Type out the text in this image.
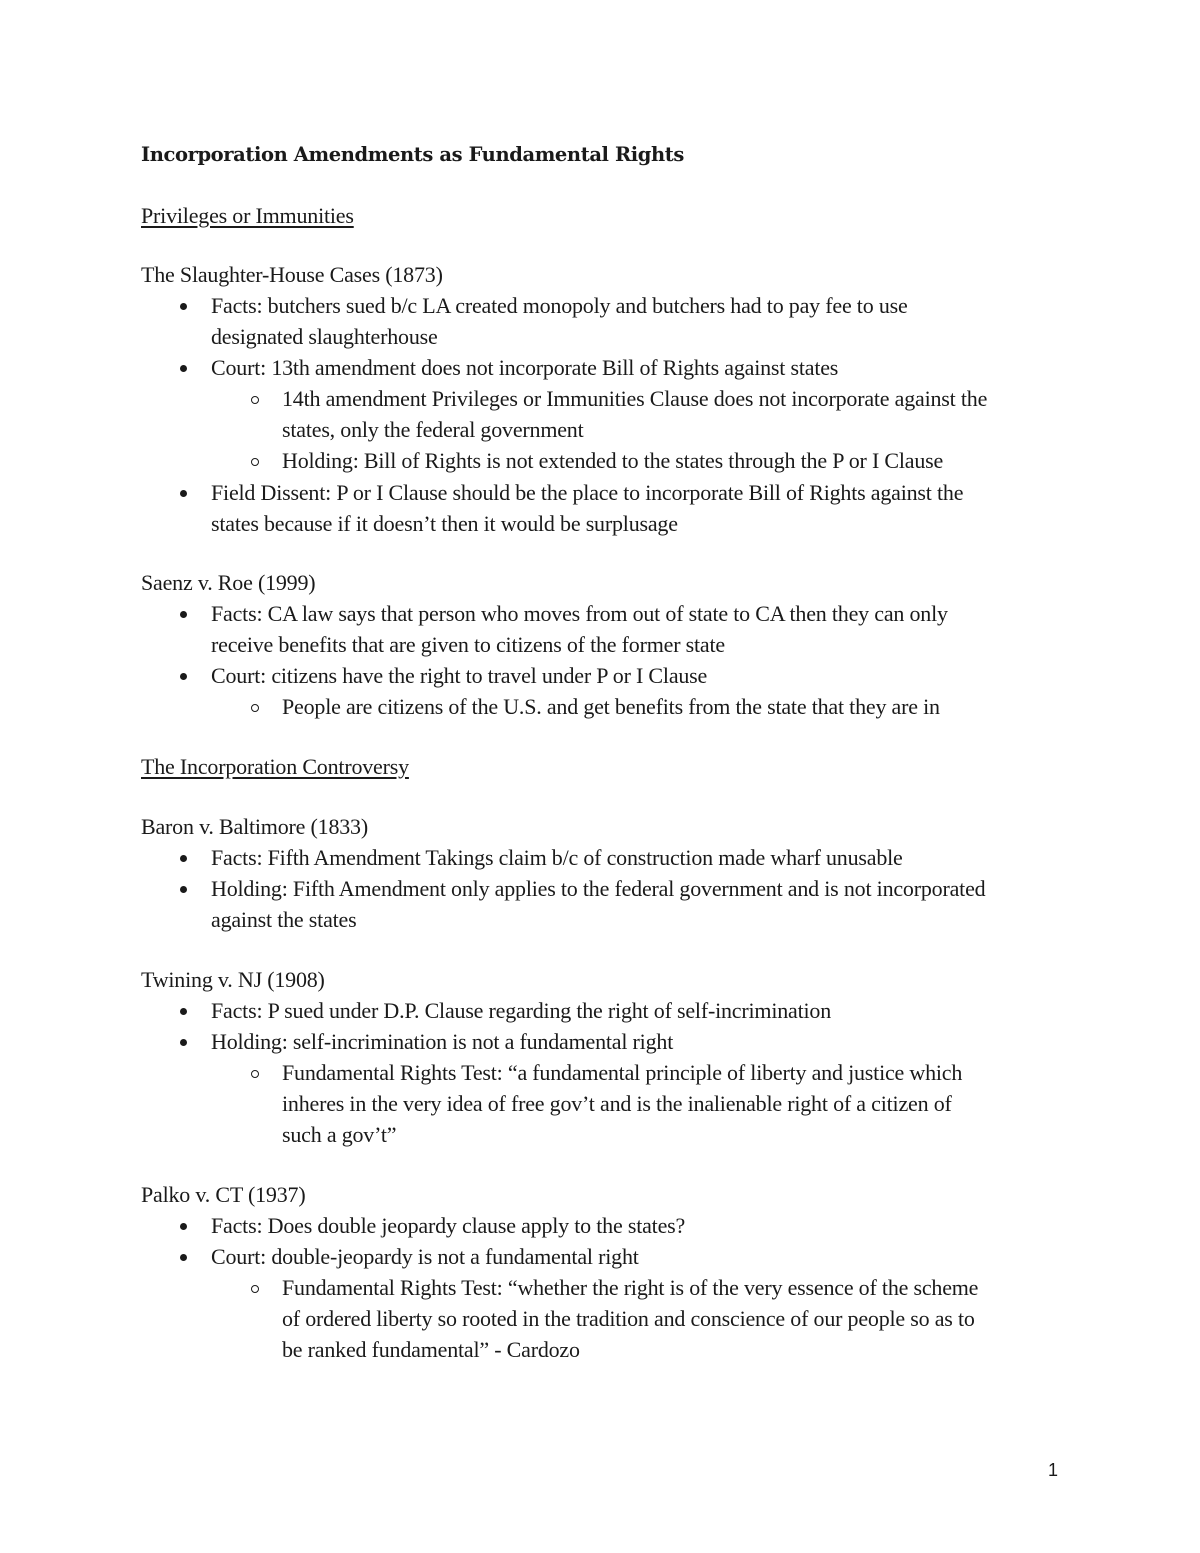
Incorporation Amendments as Fundamental Rights
Privileges or Immunities
The Slaughter-House Cases (1873)
Facts: butchers sued b/c LA created monopoly and butchers had to pay fee to use
designated slaughterhouse
Court: 13th amendment does not incorporate Bill of Rights against states
14th amendment Privileges or Immunities Clause does not incorporate against the
states, only the federal government
Holding: Bill of Rights is not extended to the states through the P or I Clause
Field Dissent: P or I Clause should be the place to incorporate Bill of Rights against the
states because if it doesn’t then it would be surplusage
Saenz v. Roe (1999)
Facts: CA law says that person who moves from out of state to CA then they can only
receive benefits that are given to citizens of the former state
Court: citizens have the right to travel under P or I Clause
People are citizens of the U.S. and get benefits from the state that they are in
The Incorporation Controversy
Baron v. Baltimore (1833)
Facts: Fifth Amendment Takings claim b/c of construction made wharf unusable
Holding: Fifth Amendment only applies to the federal government and is not incorporated
against the states
Twining v. NJ (1908)
Facts: P sued under D.P. Clause regarding the right of self-incrimination
Holding: self-incrimination is not a fundamental right
Fundamental Rights Test: “a fundamental principle of liberty and justice which
inheres in the very idea of free gov’t and is the inalienable right of a citizen of
such a gov’t”
Palko v. CT (1937)
Facts: Does double jeopardy clause apply to the states?
Court: double-jeopardy is not a fundamental right
Fundamental Rights Test: “whether the right is of the very essence of the scheme
of ordered liberty so rooted in the tradition and conscience of our people so as to
be ranked fundamental” - Cardozo
1
